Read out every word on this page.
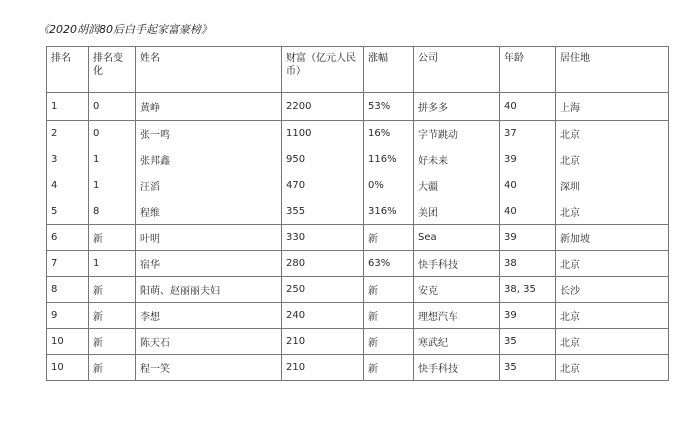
《2020胡润80后白手起家富豪榜》
排名	排名变化	姓名	财富（亿元人民币）	涨幅	公司	年龄	居住地

1	0	黄峥	2200	53%	拼多多	40	上海
2	0	张一鸣	1100	16%	字节跳动	37	北京
3	1	张邦鑫	950	116%	好未来	39	北京
4	1	汪滔	470	0%	大疆	40	深圳
5	8	程维	355	316%	美团	40	北京
6	新	叶明	330	新	Sea	39	新加坡
7	1	宿华	280	63%	快手科技	38	北京
8	新	阳萌、赵丽丽夫妇	250	新	安克	38, 35	长沙
9	新	李想	240	新	理想汽车	39	北京
10	新	陈天石	210	新	寒武纪	35	北京
10	新	程一笑	210	新	快手科技	35	北京
